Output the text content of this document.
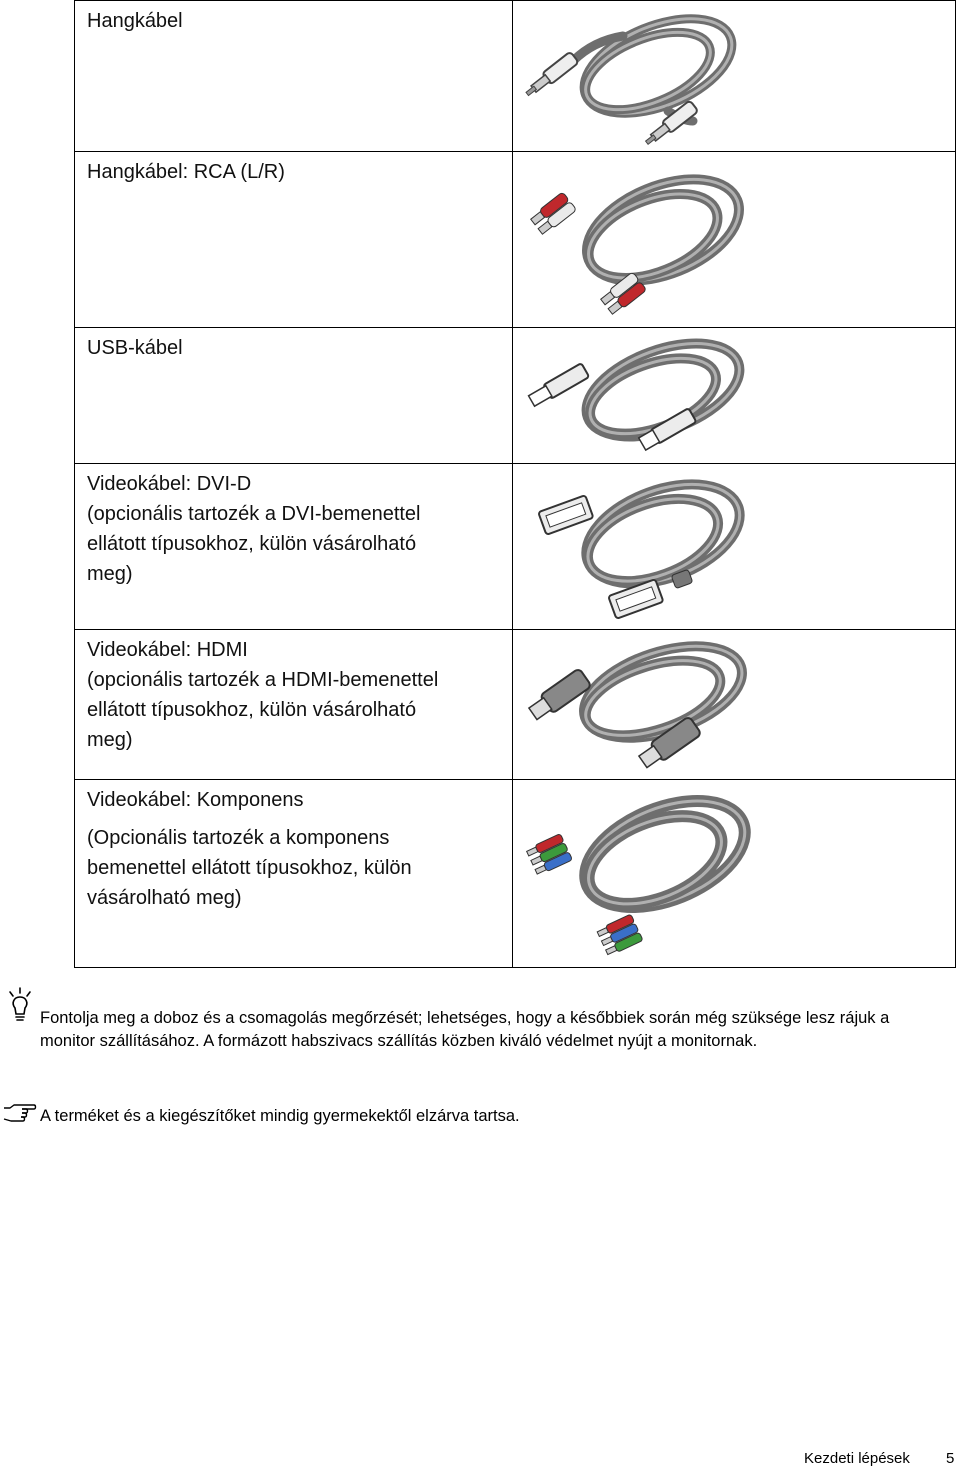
Hangkábel
Hangkábel: RCA (L/R)
USB-kábel
Videokábel: DVI-D
(opcionális tartozék a DVI-bemenettel
ellátott típusokhoz, külön vásárolható
meg)
Videokábel: HDMI
(opcionális tartozék a HDMI-bemenettel
ellátott típusokhoz, külön vásárolható
meg)
Videokábel: Komponens
(Opcionális tartozék a komponens
bemenettel ellátott típusokhoz, külön
vásárolható meg)
Fontolja meg a doboz és a csomagolás megőrzését; lehetséges, hogy a későbbiek során még szüksége lesz rájuk a monitor szállításához. A formázott habszivacs szállítás közben kiváló védelmet nyújt a monitornak.
A terméket és a kiegészítőket mindig gyermekektől elzárva tartsa.
Kezdeti lépések 5
